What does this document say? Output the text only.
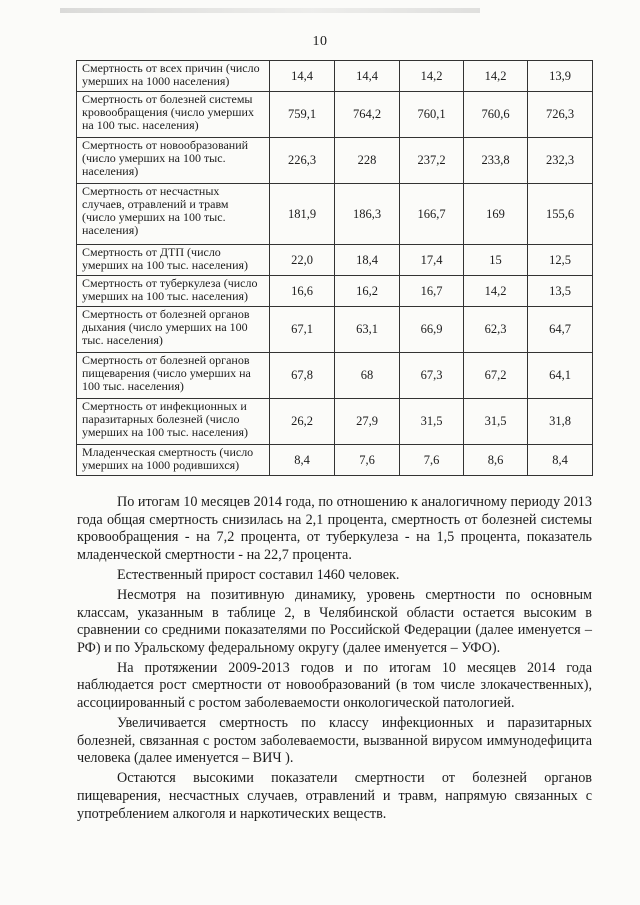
10
Смертность от всех причин (число умерших на 1000 населения)	14,4	14,4	14,2	14,2	13,9
Смертность от болезней системы кровообращения (число умерших на 100 тыс. населения)	759,1	764,2	760,1	760,6	726,3
Смертность от новообразований (число умерших на 100 тыс. населения)	226,3	228	237,2	233,8	232,3
Смертность от несчастных случаев, отравлений и травм (число умерших на 100 тыс. населения)	181,9	186,3	166,7	169	155,6
Смертность от ДТП (число умерших на 100 тыс. населения)	22,0	18,4	17,4	15	12,5
Смертность от туберкулеза (число умерших на 100 тыс. населения)	16,6	16,2	16,7	14,2	13,5
Смертность от болезней органов дыхания (число умерших на 100 тыс. населения)	67,1	63,1	66,9	62,3	64,7
Смертность от болезней органов пищеварения (число умерших на 100 тыс. населения)	67,8	68	67,3	67,2	64,1
Смертность от инфекционных и паразитарных болезней (число умерших на 100 тыс. населения)	26,2	27,9	31,5	31,5	31,8
Младенческая смертность (число умерших на 1000 родившихся)	8,4	7,6	7,6	8,6	8,4

По итогам 10 месяцев 2014 года, по отношению к аналогичному периоду 2013 года общая смертность снизилась на 2,1 процента, смертность от болезней системы кровообращения - на 7,2 процента, от туберкулеза - на 1,5 процента, показатель младенческой смертности - на 22,7 процента.

Естественный прирост составил 1460 человек.

Несмотря на позитивную динамику, уровень смертности по основным классам, указанным в таблице 2, в Челябинской области остается высоким в сравнении со средними показателями по Российской Федерации (далее именуется – РФ) и по Уральскому федеральному округу (далее именуется – УФО).

На протяжении 2009-2013 годов и по итогам 10 месяцев 2014 года наблюдается рост смертности от новообразований (в том числе злокачественных), ассоциированный с ростом заболеваемости онкологической патологией.

Увеличивается смертность по классу инфекционных и паразитарных болезней, связанная с ростом заболеваемости, вызванной вирусом иммунодефицита человека (далее именуется – ВИЧ ).

Остаются высокими показатели смертности от болезней органов пищеварения, несчастных случаев, отравлений и травм, напрямую связанных с употреблением алкоголя и наркотических веществ.
